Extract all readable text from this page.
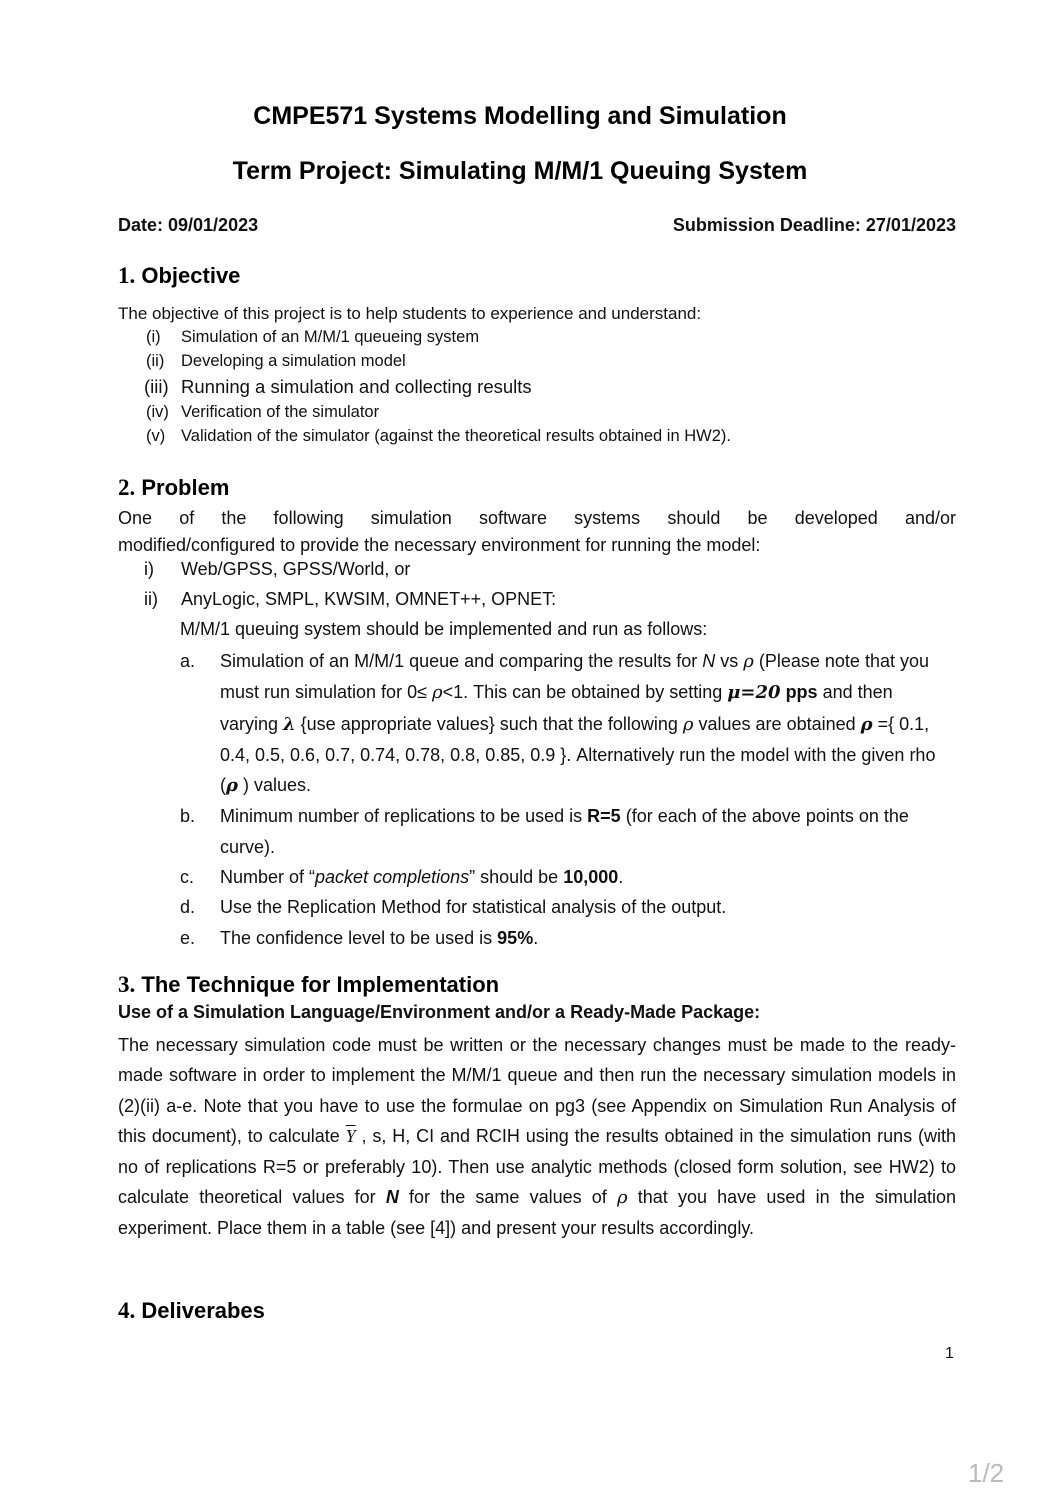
CMPE571 Systems Modelling and Simulation
Term Project: Simulating M/M/1 Queuing System
Date: 09/01/2023	Submission Deadline: 27/01/2023
1. Objective
The objective of this project is to help students to experience and understand:
(i) Simulation of an M/M/1 queueing system
(ii) Developing a simulation model
(iii) Running a simulation and collecting results
(iv) Verification of the simulator
(v) Validation of the simulator (against the theoretical results obtained in HW2).
2. Problem
One of the following simulation software systems should be developed and/or
modified/configured to provide the necessary environment for running the model:
i) Web/GPSS, GPSS/World, or
ii) AnyLogic, SMPL, KWSIM, OMNET++, OPNET:
M/M/1 queuing system should be implemented and run as follows:
a. Simulation of an M/M/1 queue and comparing the results for N vs ρ (Please note that you must run simulation for 0≤ ρ<1. This can be obtained by setting μ=20 pps and then varying λ {use appropriate values} such that the following ρ values are obtained ρ ={ 0.1, 0.4, 0.5, 0.6, 0.7, 0.74, 0.78, 0.8, 0.85, 0.9 }. Alternatively run the model with the given rho (ρ ) values.
b. Minimum number of replications to be used is R=5 (for each of the above points on the curve).
c. Number of “packet completions” should be 10,000.
d. Use the Replication Method for statistical analysis of the output.
e. The confidence level to be used is 95%.
3. The Technique for Implementation
Use of a Simulation Language/Environment and/or a Ready-Made Package:
The necessary simulation code must be written or the necessary changes must be made to the ready-made software in order to implement the M/M/1 queue and then run the necessary simulation models in (2)(ii) a-e. Note that you have to use the formulae on pg3 (see Appendix on Simulation Run Analysis of this document), to calculate $\overline{Y}$ , s, H, CI and RCIH using the results obtained in the simulation runs (with no of replications R=5 or preferably 10). Then use analytic methods (closed form solution, see HW2) to calculate theoretical values for N for the same values of ρ that you have used in the simulation experiment. Place them in a table (see [4]) and present your results accordingly.
4. Deliverabes
1
1/2
